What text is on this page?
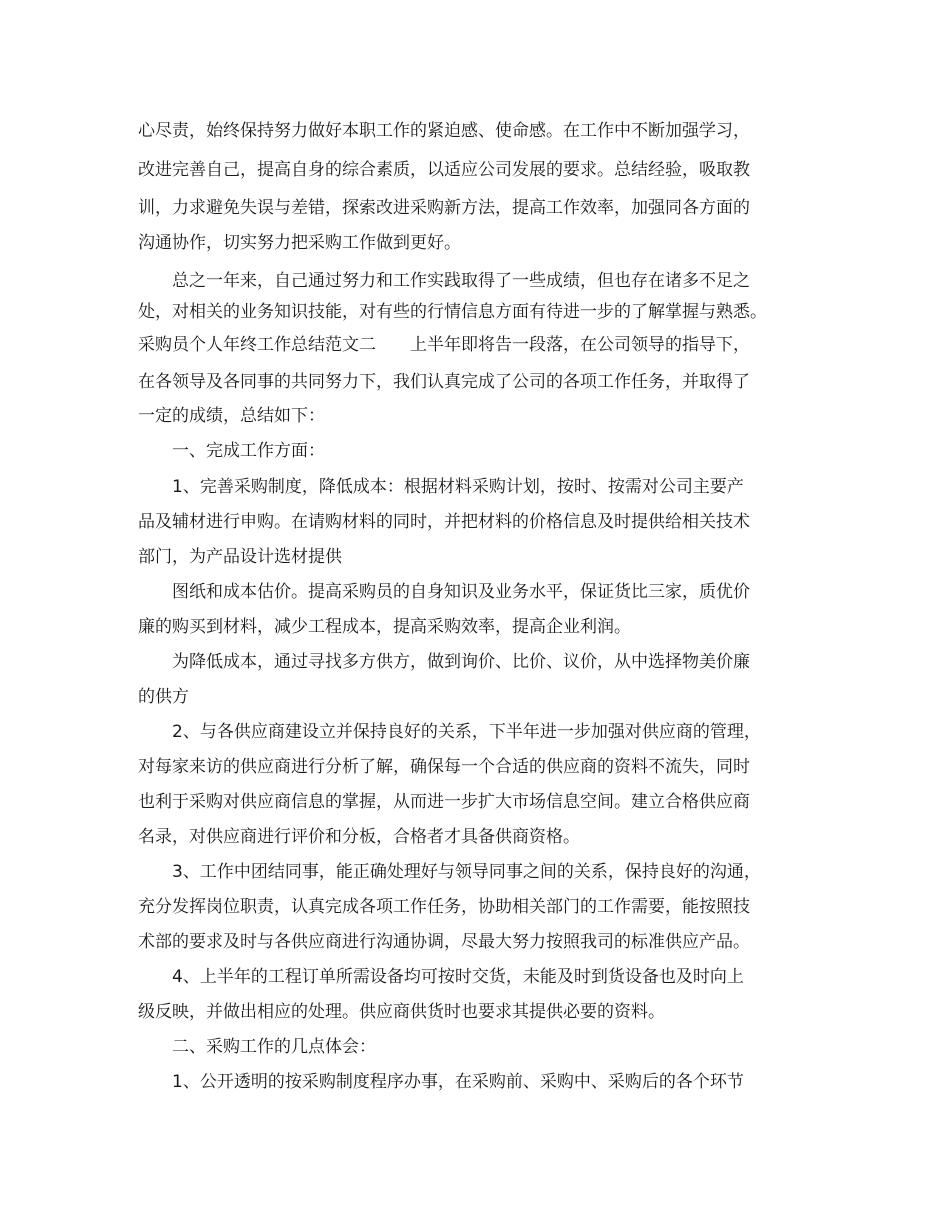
心尽责，始终保持努力做好本职工作的紧迫感、使命感。在工作中不断加强学习，
改进完善自己，提高自身的综合素质，以适应公司发展的要求。总结经验，吸取教
训，力求避免失误与差错，探索改进采购新方法，提高工作效率，加强同各方面的
沟通协作，切实努力把采购工作做到更好。
总之一年来，自己通过努力和工作实践取得了一些成绩，但也存在诸多不足之
处，对相关的业务知识技能，对有些的行情信息方面有待进一步的了解掌握与熟悉。
采购员个人年终工作总结范文二　　上半年即将告一段落，在公司领导的指导下，
在各领导及各同事的共同努力下，我们认真完成了公司的各项工作任务，并取得了
一定的成绩，总结如下：
一、完成工作方面：
1、完善采购制度，降低成本：根据材料采购计划，按时、按需对公司主要产
品及辅材进行申购。在请购材料的同时，并把材料的价格信息及时提供给相关技术
部门，为产品设计选材提供
图纸和成本估价。提高采购员的自身知识及业务水平，保证货比三家，质优价
廉的购买到材料，减少工程成本，提高采购效率，提高企业利润。
为降低成本，通过寻找多方供方，做到询价、比价、议价，从中选择物美价廉
的供方
2、与各供应商建设立并保持良好的关系，下半年进一步加强对供应商的管理，
对每家来访的供应商进行分析了解，确保每一个合适的供应商的资料不流失，同时
也利于采购对供应商信息的掌握，从而进一步扩大市场信息空间。建立合格供应商
名录，对供应商进行评价和分板，合格者才具备供商资格。
3、工作中团结同事，能正确处理好与领导同事之间的关系，保持良好的沟通，
充分发挥岗位职责，认真完成各项工作任务，协助相关部门的工作需要，能按照技
术部的要求及时与各供应商进行沟通协调，尽最大努力按照我司的标准供应产品。
4、上半年的工程订单所需设备均可按时交货，未能及时到货设备也及时向上
级反映，并做出相应的处理。供应商供货时也要求其提供必要的资料。
二、采购工作的几点体会：
1、公开透明的按采购制度程序办事，在采购前、采购中、采购后的各个环节
